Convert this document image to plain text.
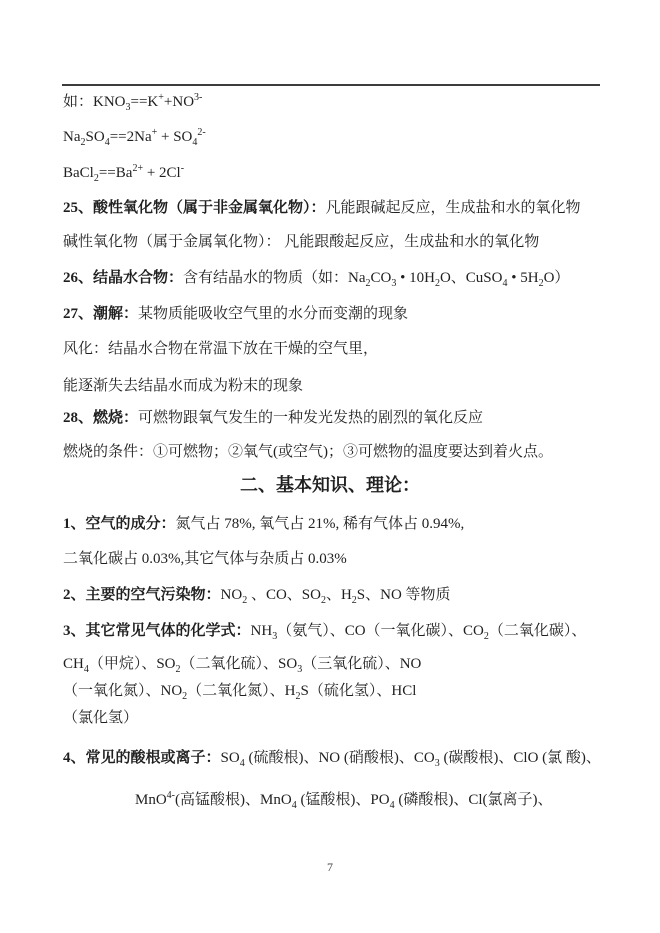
如：$KNO_3==K^++NO^{3-}$
$Na_2SO_4==2Na^+ + SO_4^{2-}$
$BaCl_2==Ba^{2+} + 2Cl^-$
25、酸性氧化物（属于非金属氧化物）：凡能跟碱起反应，生成盐和水的氧化物
碱性氧化物（属于金属氧化物）： 凡能跟酸起反应，生成盐和水的氧化物
26、结晶水合物：含有结晶水的物质（如：$Na_2CO_3$ • $10H_2O$、CuSO$_4$ • $5H_2O$）
27、潮解：某物质能吸收空气里的水分而变潮的现象
风化：结晶水合物在常温下放在干燥的空气里，
能逐渐失去结晶水而成为粉末的现象
28、燃烧：可燃物跟氧气发生的一种发光发热的剧烈的氧化反应
燃烧的条件：①可燃物；②氧气(或空气)；③可燃物的温度要达到着火点。
二、基本知识、理论：
1、空气的成分：氮气占 78%, 氧气占 21%, 稀有气体占 0.94%,
二氧化碳占 0.03%,其它气体与杂质占 0.03%
2、主要的空气污染物：$NO_2$ 、CO、$SO_2$、$H_2S$、NO 等物质
3、其它常见气体的化学式：$NH_3$（氨气）、CO（一氧化碳）、$CO_2$（二氧化碳）、
$CH_4$（甲烷）、$SO_2$（二氧化硫）、$SO_3$（三氧化硫）、NO
（一氧化氮）、$NO_2$（二氧化氮）、$H_2S$（硫化氢）、HCl
（氯化氢）
4、常见的酸根或离子：$SO_4$ (硫酸根)、NO (硝酸根)、$CO_3$ (碳酸根)、ClO (氯 酸)、
MnO$^{4-}$(高锰酸根)、MnO$_4$ (锰酸根)、$PO_4$ (磷酸根)、Cl(氯离子)、
7
